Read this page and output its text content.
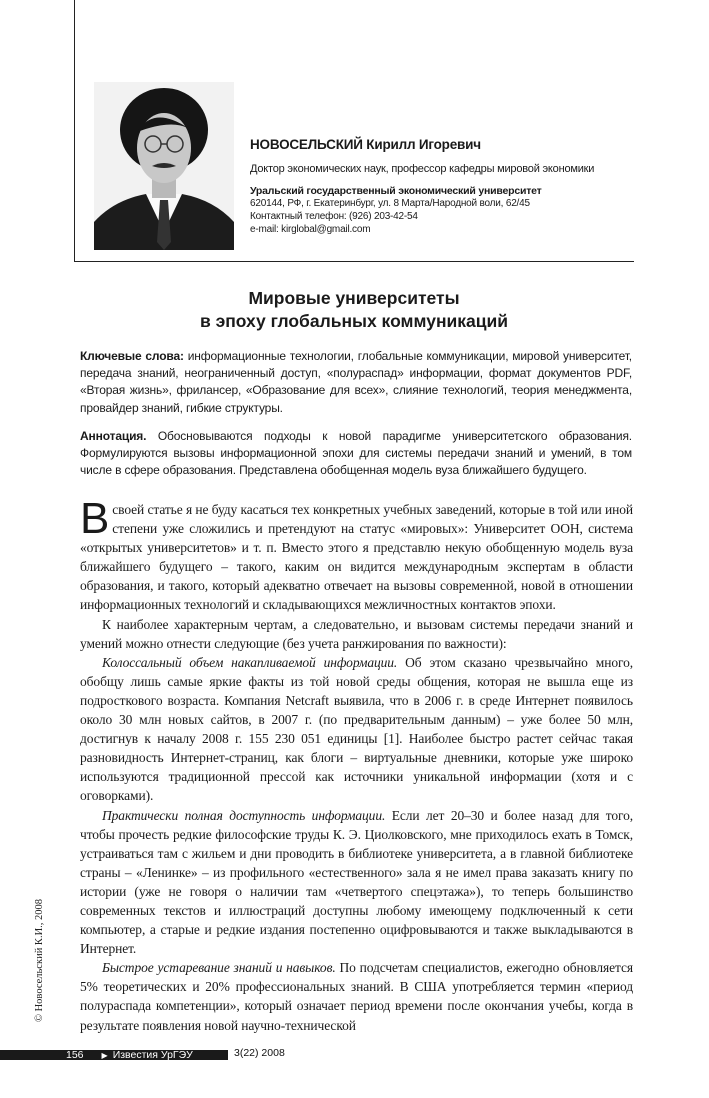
НОВОСЕЛЬСКИЙ Кирилл Игоревич
Доктор экономических наук, профессор кафедры мировой экономики
Уральский государственный экономический университет
620144, РФ, г. Екатеринбург, ул. 8 Марта/Народной воли, 62/45
Контактный телефон: (926) 203-42-54
e-mail: kirglobal@gmail.com
Мировые университеты
в эпоху глобальных коммуникаций
Ключевые слова: информационные технологии, глобальные коммуникации, мировой университет, передача знаний, неограниченный доступ, «полураспад» информации, формат документов PDF, «Вторая жизнь», фрилансер, «Образование для всех», слияние технологий, теория менеджмента, провайдер знаний, гибкие структуры.
Аннотация. Обосновываются подходы к новой парадигме университетского образования. Формулируются вызовы информационной эпохи для системы передачи знаний и умений, в том числе в сфере образования. Представлена обобщенная модель вуза ближайшего будущего.

Всвоей статье я не буду касаться тех конкретных учебных заведений, которые в той или иной степени уже сложились и претендуют на статус «мировых»: Университет ООН, система «открытых университетов» и т. п. Вместо этого я представлю некую обобщенную модель вуза ближайшего будущего – такого, каким он видится международным экспертам в области образования, и такого, который адекватно отвечает на вызовы современной, новой в отношении информационных технологий и складывающихся межличностных контактов эпохи.

К наиболее характерным чертам, а следовательно, и вызовам системы передачи знаний и умений можно отнести следующие (без учета ранжирования по важности):

Колоссальный объем накапливаемой информации. Об этом сказано чрезвычайно много, обобщу лишь самые яркие факты из той новой среды общения, которая не вышла еще из подросткового возраста. Компания Netcraft выявила, что в 2006 г. в среде Интернет появилось около 30 млн новых сайтов, в 2007 г. (по предварительным данным) – уже более 50 млн, достигнув к началу 2008 г. 155 230 051 единицы [1]. Наиболее быстро растет сейчас такая разновидность Интернет-страниц, как блоги – виртуальные дневники, которые уже широко используются традиционной прессой как источники уникальной информации (хотя и с оговорками).

Практически полная доступность информации. Если лет 20–30 и более назад для того, чтобы прочесть редкие философские труды К. Э. Циолковского, мне приходилось ехать в Томск, устраиваться там с жильем и дни проводить в библиотеке университета, а в главной библиотеке страны – «Ленинке» – из профильного «естественного» зала я не имел права заказать книгу по истории (уже не говоря о наличии там «четвертого спецэтажа»), то теперь большинство современных текстов и иллюстраций доступны любому имеющему подключенный к сети компьютер, а старые и редкие издания постепенно оцифровываются и также выкладываются в Интернет.

Быстрое устаревание знаний и навыков. По подсчетам специалистов, ежегодно обновляется 5% теоретических и 20% профессиональных знаний. В США употребляется термин «период полураспада компетенции», который означает период времени после окончания учебы, когда в результате появления новой научно-технической

© Новосельский К.И., 2008
156 ▶ Известия УрГЭУ	3(22) 2008
